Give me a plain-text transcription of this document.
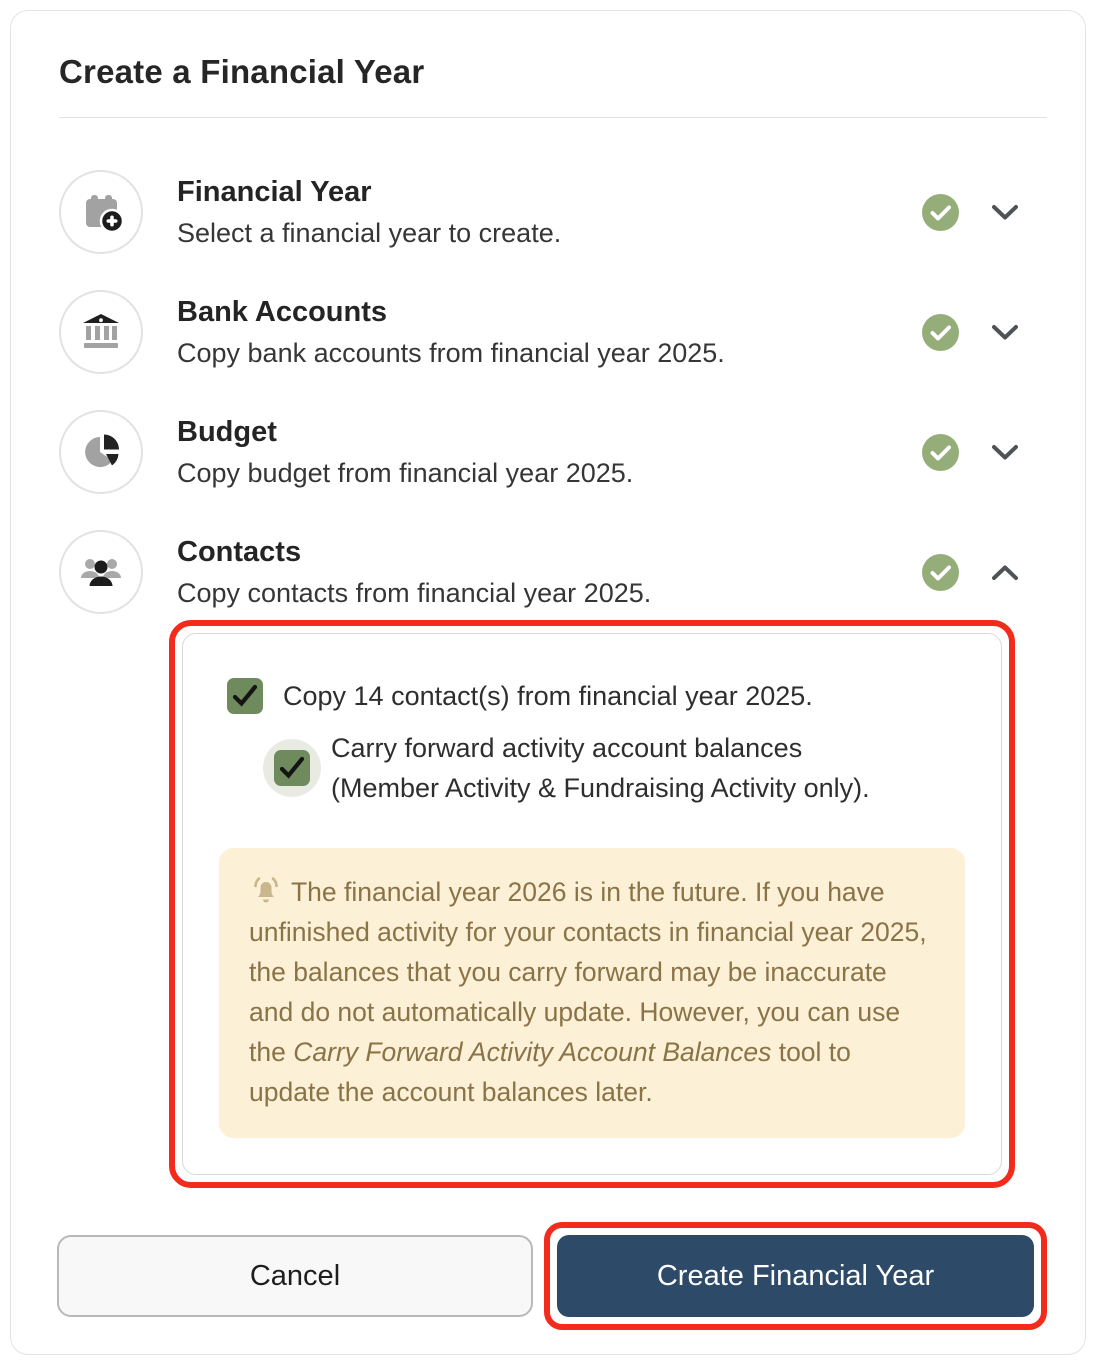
Create a Financial Year
Financial Year
Select a financial year to create.
Bank Accounts
Copy bank accounts from financial year 2025.
Budget
Copy budget from financial year 2025.
Contacts
Copy contacts from financial year 2025.
Copy 14 contact(s) from financial year 2025.
Carry forward activity account balances
(Member Activity & Fundraising Activity only).
The financial year 2026 is in the future. If you have unfinished activity for your contacts in financial year 2025, the balances that you carry forward may be inaccurate and do not automatically update. However, you can use the Carry Forward Activity Account Balances tool to update the account balances later.
Cancel	Create Financial Year
